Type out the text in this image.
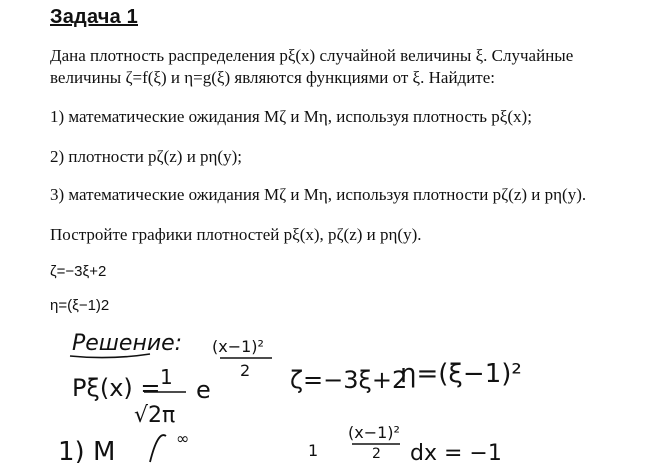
Задача 1
Дана плотность распределения pξ(x) случайной величины ξ. Случайные
величины ζ=f(ξ) и η=g(ξ) являются функциями от ξ. Найдите:
1) математические ожидания Mζ и Mη, используя плотность pξ(x);
2) плотности pζ(z) и pη(y);
3) математические ожидания Mζ и Mη, используя плотности pζ(z) и pη(y).
Постройте графики плотностей pξ(x), pζ(z) и pη(y).
ζ=−3ξ+2
η=(ξ−1)2
Решение:
Pξ(x) = 1
√2π
e
(x−1)²
2 ζ=−3ξ+2
η=(ξ−1)²
1) M	∞
1
(x−1)²
2 dx = −1
